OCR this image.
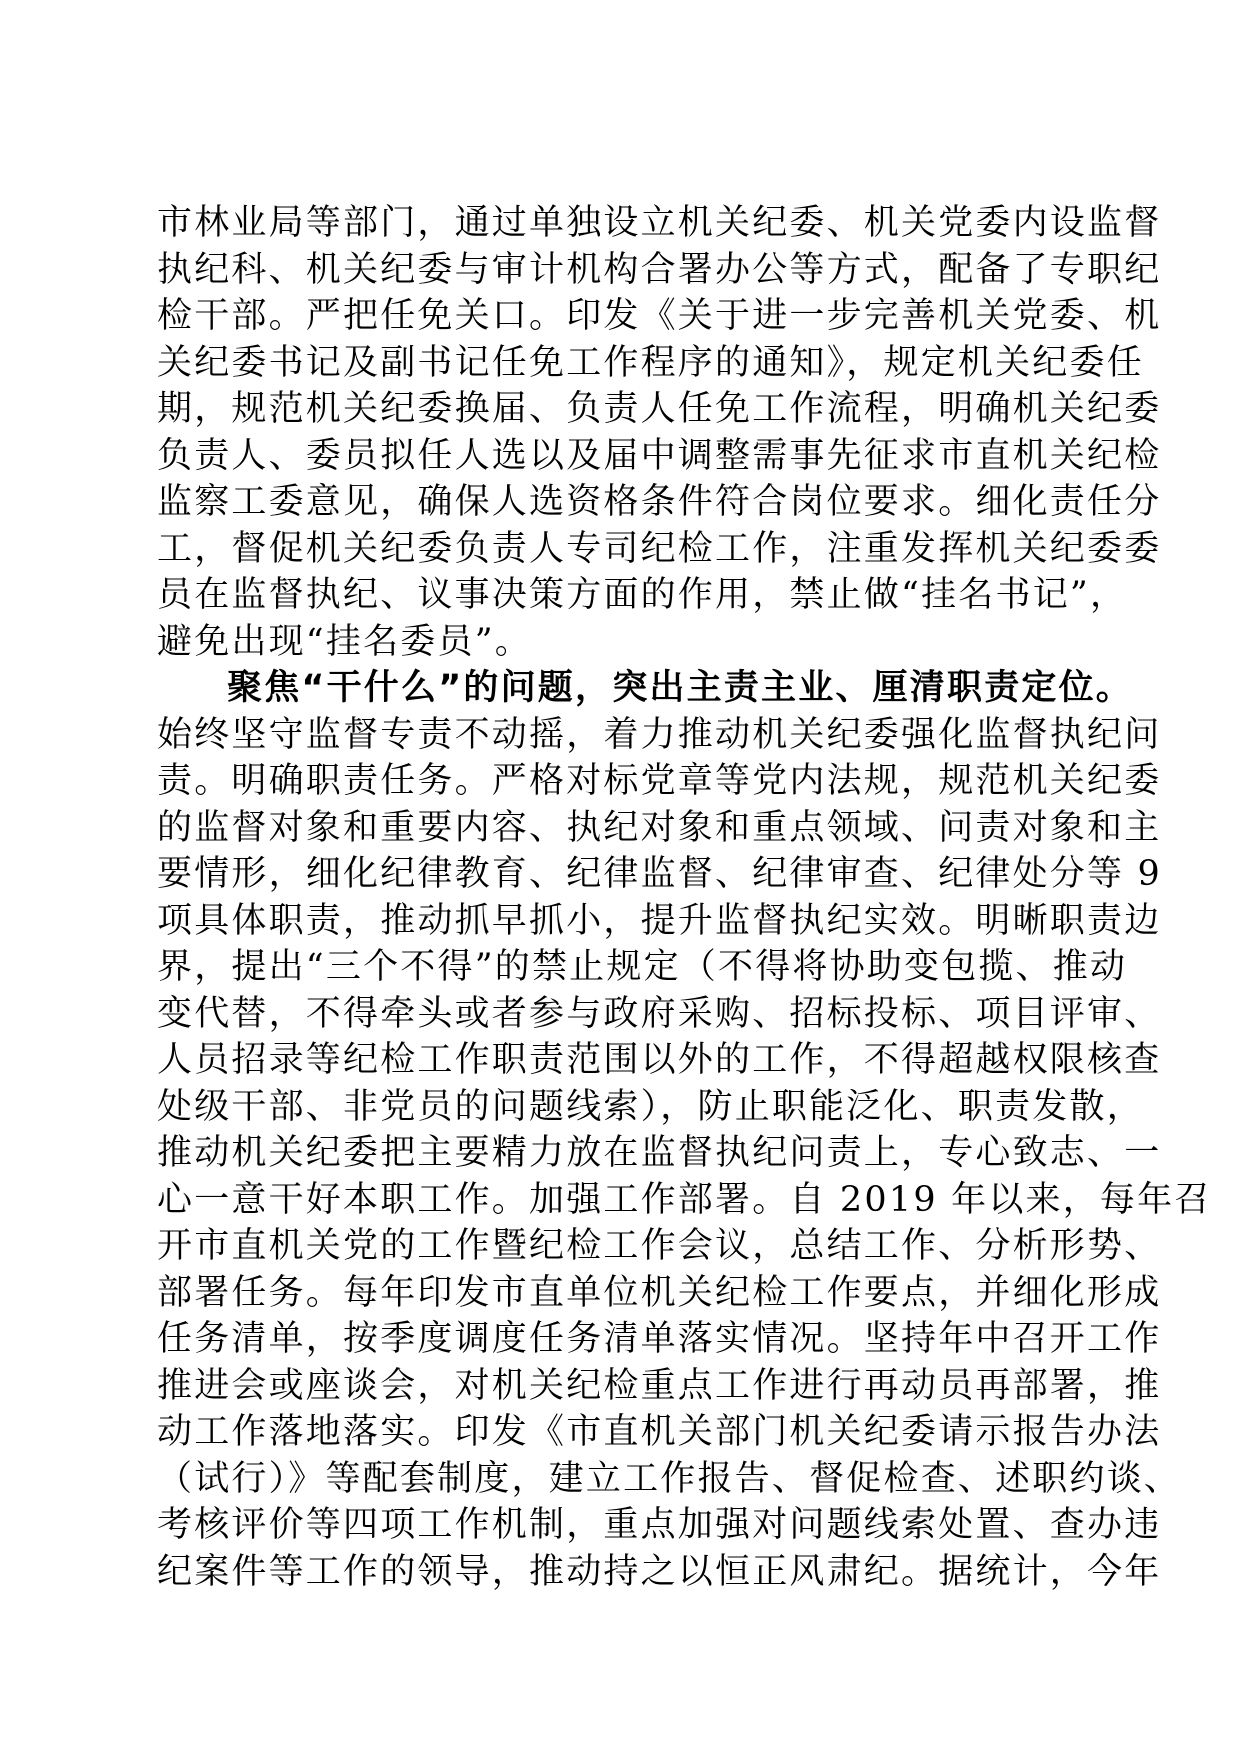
市林业局等部门，通过单独设立机关纪委、机关党委内设监督
执纪科、机关纪委与审计机构合署办公等方式，配备了专职纪
检干部。严把任免关口。印发《关于进一步完善机关党委、机
关纪委书记及副书记任免工作程序的通知》，规定机关纪委任
期，规范机关纪委换届、负责人任免工作流程，明确机关纪委
负责人、委员拟任人选以及届中调整需事先征求市直机关纪检
监察工委意见，确保人选资格条件符合岗位要求。细化责任分
工，督促机关纪委负责人专司纪检工作，注重发挥机关纪委委
员在监督执纪、议事决策方面的作用，禁止做“挂名书记”，
避免出现“挂名委员”。
聚焦“干什么”的问题，突出主责主业、厘清职责定位。
始终坚守监督专责不动摇，着力推动机关纪委强化监督执纪问
责。明确职责任务。严格对标党章等党内法规，规范机关纪委
的监督对象和重要内容、执纪对象和重点领域、问责对象和主
要情形，细化纪律教育、纪律监督、纪律审查、纪律处分等 9
项具体职责，推动抓早抓小，提升监督执纪实效。明晰职责边
界，提出“三个不得”的禁止规定（不得将协助变包揽、推动
变代替，不得牵头或者参与政府采购、招标投标、项目评审、
人员招录等纪检工作职责范围以外的工作，不得超越权限核查
处级干部、非党员的问题线索），防止职能泛化、职责发散，
推动机关纪委把主要精力放在监督执纪问责上，专心致志、一
心一意干好本职工作。加强工作部署。自 2019 年以来，每年召
开市直机关党的工作暨纪检工作会议，总结工作、分析形势、
部署任务。每年印发市直单位机关纪检工作要点，并细化形成
任务清单，按季度调度任务清单落实情况。坚持年中召开工作
推进会或座谈会，对机关纪检重点工作进行再动员再部署，推
动工作落地落实。印发《市直机关部门机关纪委请示报告办法
（试行）》等配套制度，建立工作报告、督促检查、述职约谈、
考核评价等四项工作机制，重点加强对问题线索处置、查办违
纪案件等工作的领导，推动持之以恒正风肃纪。据统计，今年
